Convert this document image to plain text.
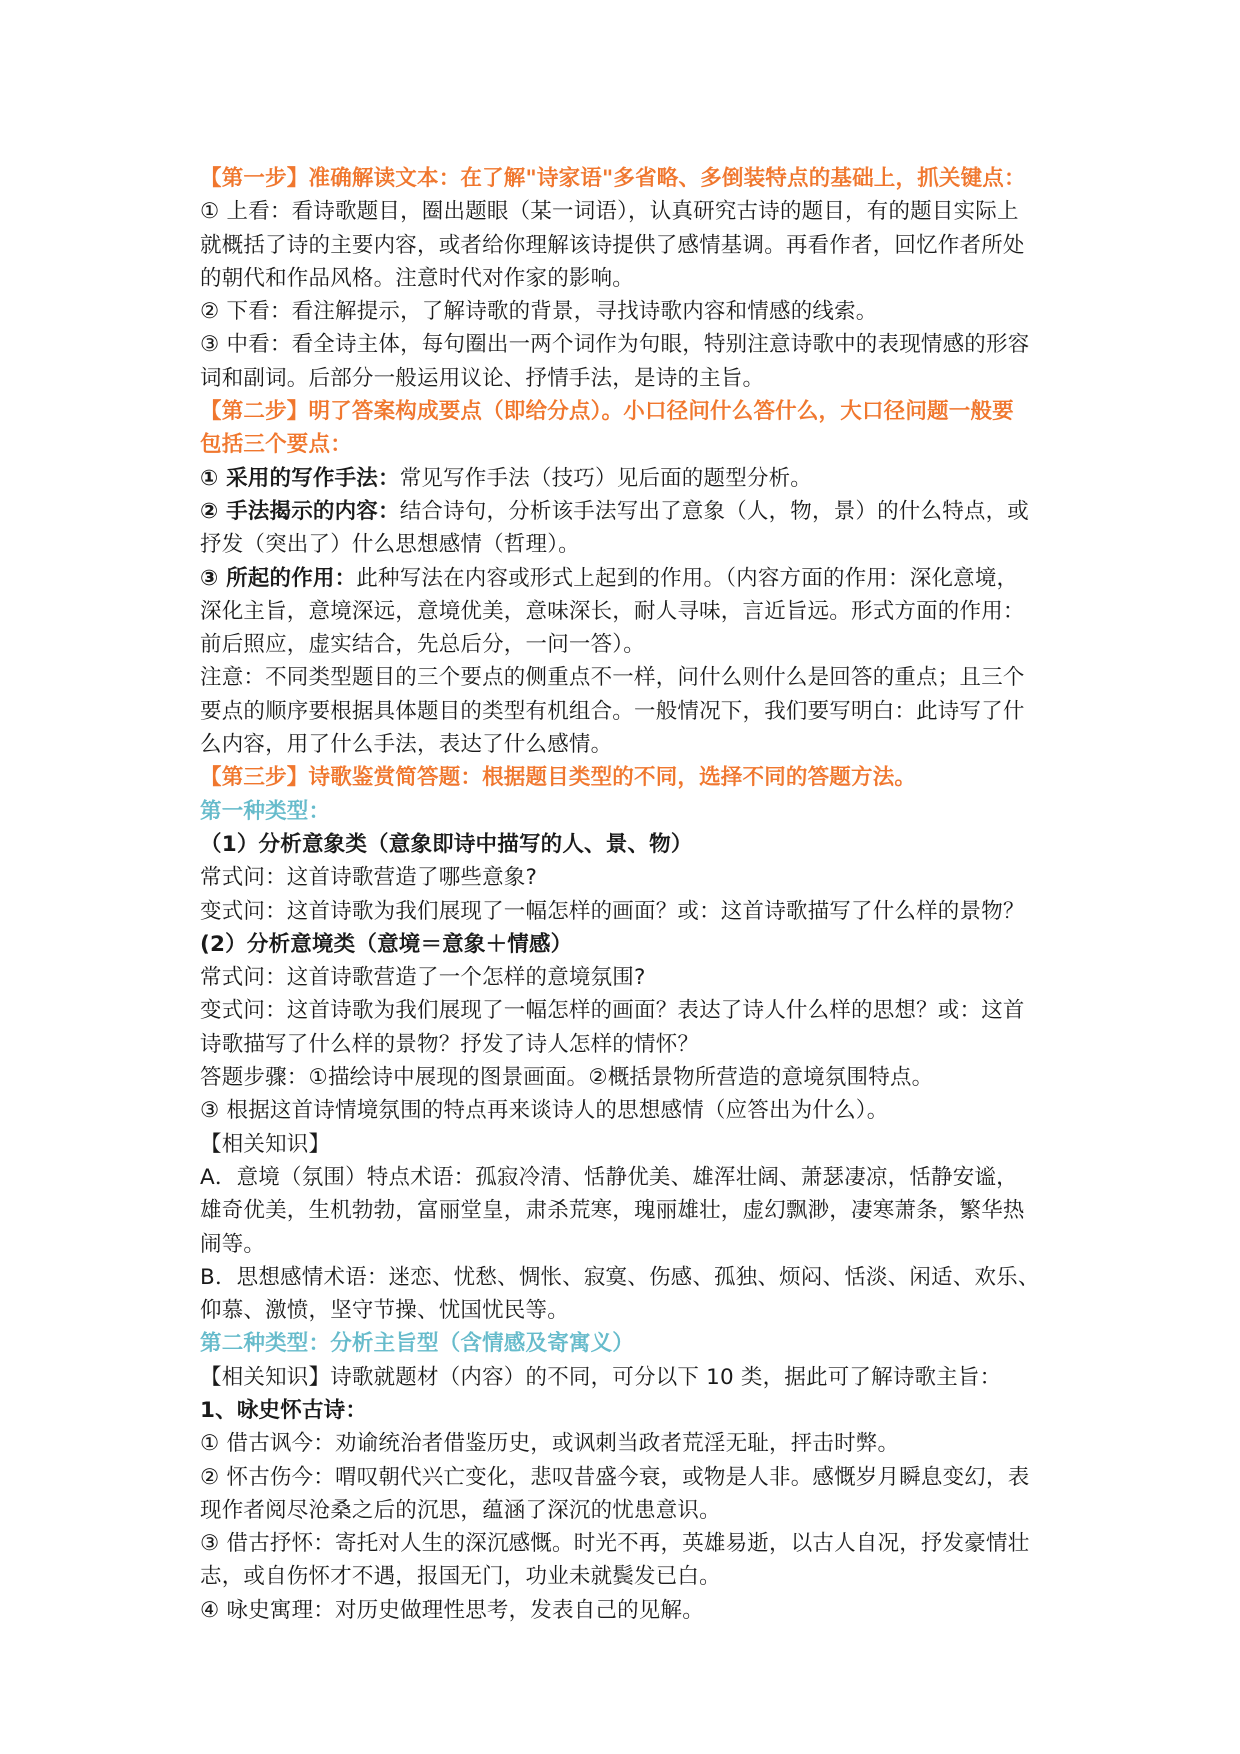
【第一步】准确解读文本：在了解"诗家语"多省略、多倒装特点的基础上，抓关键点：
① 上看：看诗歌题目，圈出题眼（某一词语），认真研究古诗的题目，有的题目实际上
就概括了诗的主要内容，或者给你理解该诗提供了感情基调。再看作者，回忆作者所处
的朝代和作品风格。注意时代对作家的影响。
② 下看：看注解提示，了解诗歌的背景，寻找诗歌内容和情感的线索。
③ 中看：看全诗主体，每句圈出一两个词作为句眼，特别注意诗歌中的表现情感的形容
词和副词。后部分一般运用议论、抒情手法，是诗的主旨。
【第二步】明了答案构成要点（即给分点）。小口径问什么答什么，大口径问题一般要
包括三个要点：
① 采用的写作手法：常见写作手法（技巧）见后面的题型分析。
② 手法揭示的内容：结合诗句，分析该手法写出了意象（人，物，景）的什么特点，或
抒发（突出了）什么思想感情（哲理）。
③ 所起的作用：此种写法在内容或形式上起到的作用。（内容方面的作用：深化意境，
深化主旨，意境深远，意境优美，意味深长，耐人寻味，言近旨远。形式方面的作用：
前后照应，虚实结合，先总后分，一问一答）。
注意：不同类型题目的三个要点的侧重点不一样，问什么则什么是回答的重点；且三个
要点的顺序要根据具体题目的类型有机组合。一般情况下，我们要写明白：此诗写了什
么内容，用了什么手法，表达了什么感情。
【第三步】诗歌鉴赏简答题：根据题目类型的不同，选择不同的答题方法。
第一种类型：
（1）分析意象类（意象即诗中描写的人、景、物）
常式问：这首诗歌营造了哪些意象?
变式问：这首诗歌为我们展现了一幅怎样的画面？或：这首诗歌描写了什么样的景物？
(2）分析意境类（意境＝意象＋情感）
常式问：这首诗歌营造了一个怎样的意境氛围?
变式问：这首诗歌为我们展现了一幅怎样的画面？表达了诗人什么样的思想？或：这首
诗歌描写了什么样的景物？抒发了诗人怎样的情怀？
答题步骤：①描绘诗中展现的图景画面。②概括景物所营造的意境氛围特点。
③ 根据这首诗情境氛围的特点再来谈诗人的思想感情（应答出为什么）。
【相关知识】
A．意境（氛围）特点术语：孤寂冷清、恬静优美、雄浑壮阔、萧瑟凄凉，恬静安谧，
雄奇优美，生机勃勃，富丽堂皇，肃杀荒寒，瑰丽雄壮，虚幻飘渺，凄寒萧条，繁华热
闹等。
B．思想感情术语：迷恋、忧愁、惆怅、寂寞、伤感、孤独、烦闷、恬淡、闲适、欢乐、
仰慕、激愤，坚守节操、忧国忧民等。
第二种类型：分析主旨型（含情感及寄寓义）
【相关知识】诗歌就题材（内容）的不同，可分以下 10 类，据此可了解诗歌主旨：
1、咏史怀古诗：
① 借古讽今：劝谕统治者借鉴历史，或讽刺当政者荒淫无耻，抨击时弊。
② 怀古伤今：喟叹朝代兴亡变化，悲叹昔盛今衰，或物是人非。感慨岁月瞬息变幻，表
现作者阅尽沧桑之后的沉思，蕴涵了深沉的忧患意识。
③ 借古抒怀：寄托对人生的深沉感慨。时光不再，英雄易逝，以古人自况，抒发豪情壮
志，或自伤怀才不遇，报国无门，功业未就鬓发已白。
④ 咏史寓理：对历史做理性思考，发表自己的见解。
